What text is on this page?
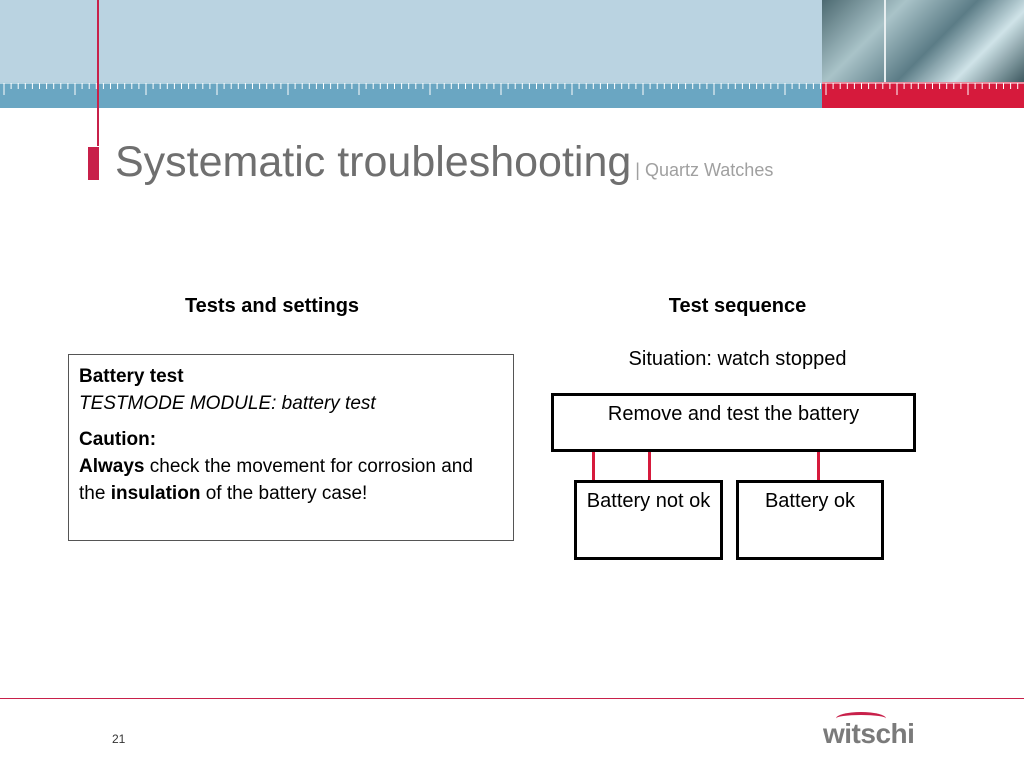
Systematic troubleshooting | Quartz Watches
Tests and settings

Battery test

TESTMODE MODULE: battery test

Caution:

Always check the movement for corrosion and the insulation of the battery case!

Test sequence
Situation: watch stopped
Remove and test the battery
Battery not ok	Battery ok
21	witschi
